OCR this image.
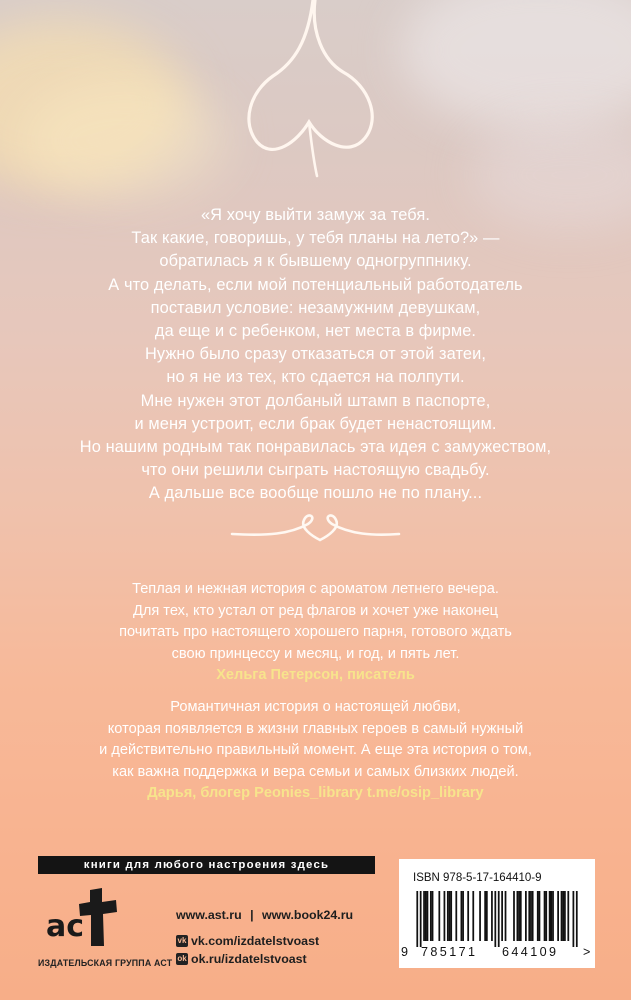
«Я хочу выйти замуж за тебя.
Так какие, говоришь, у тебя планы на лето?» —
обратилась я к бывшему одногруппнику.
А что делать, если мой потенциальный работодатель
поставил условие: незамужним девушкам,
да еще и с ребенком, нет места в фирме.
Нужно было сразу отказаться от этой затеи,
но я не из тех, кто сдается на полпути.
Мне нужен этот долбаный штамп в паспорте,
и меня устроит, если брак будет ненастоящим.
Но нашим родным так понравилась эта идея с замужеством,
что они решили сыграть настоящую свадьбу.
А дальше все вообще пошло не по плану...
Теплая и нежная история с ароматом летнего вечера.
Для тех, кто устал от ред флагов и хочет уже наконец
почитать про настоящего хорошего парня, готового ждать
свою принцессу и месяц, и год, и пять лет.
Хельга Петерсон, писатель
Романтичная история о настоящей любви,
которая появляется в жизни главных героев в самый нужный
и действительно правильный момент. А еще эта история о том,
как важна поддержка и вера семьи и самых близких людей.
Дарья, блогер Peonies_library t.me/osip_library
книги для любого настроения здесь
ac
ИЗДАТЕЛЬСКАЯ ГРУППА АСТ
www.ast.ru | www.book24.ru
vk vk.com/izdatelstvoast
ok ok.ru/izdatelstvoast
ISBN 978-5-17-164410-9
9 785171 644109 >
